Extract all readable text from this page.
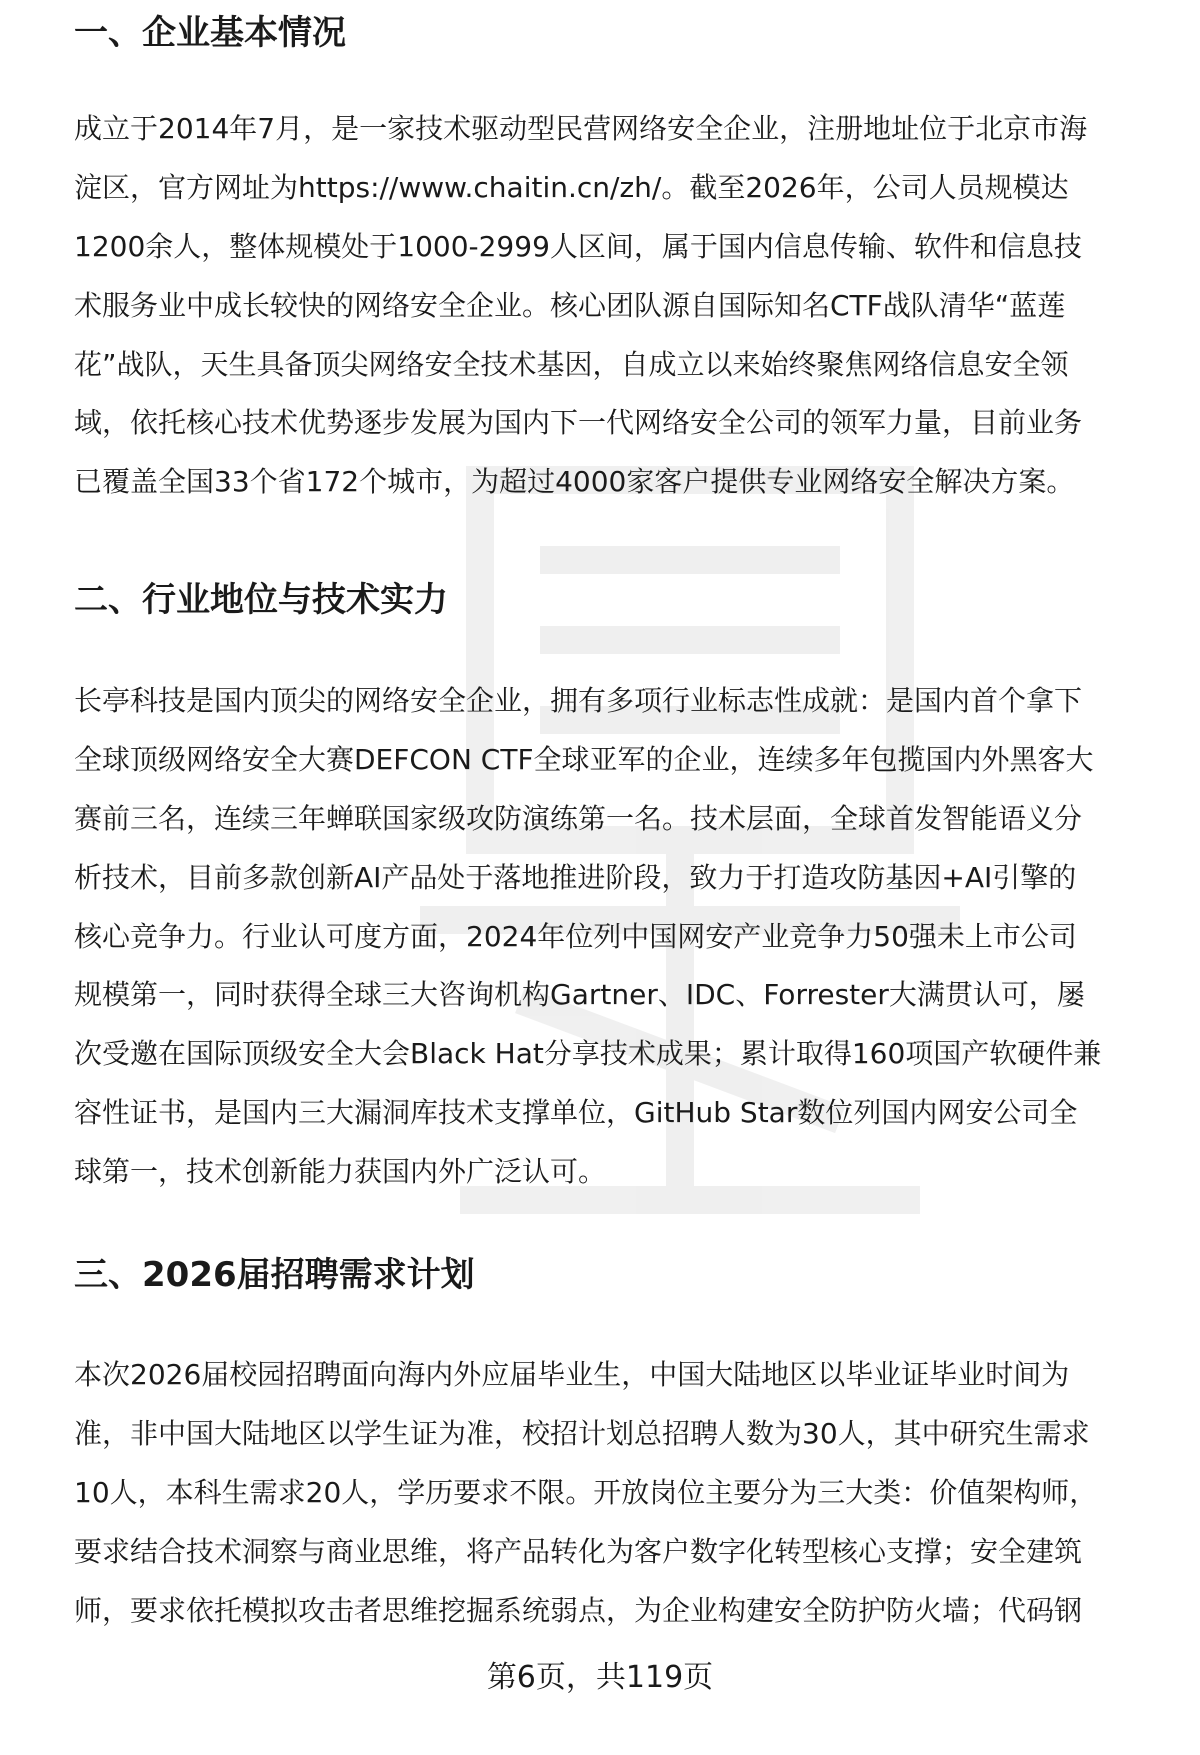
一、企业基本情况
成立于2014年7月，是一家技术驱动型民营网络安全企业，注册地址位于北京市海
淀区，官方网址为https://www.chaitin.cn/zh/。截至2026年，公司人员规模达
1200余人，整体规模处于1000-2999人区间，属于国内信息传输、软件和信息技
术服务业中成长较快的网络安全企业。核心团队源自国际知名CTF战队清华“蓝莲
花”战队，天生具备顶尖网络安全技术基因，自成立以来始终聚焦网络信息安全领
域，依托核心技术优势逐步发展为国内下一代网络安全公司的领军力量，目前业务
已覆盖全国33个省172个城市，为超过4000家客户提供专业网络安全解决方案。
二、行业地位与技术实力
长亭科技是国内顶尖的网络安全企业，拥有多项行业标志性成就：是国内首个拿下
全球顶级网络安全大赛DEFCON CTF全球亚军的企业，连续多年包揽国内外黑客大
赛前三名，连续三年蝉联国家级攻防演练第一名。技术层面，全球首发智能语义分
析技术，目前多款创新AI产品处于落地推进阶段，致力于打造攻防基因+AI引擎的
核心竞争力。行业认可度方面，2024年位列中国网安产业竞争力50强未上市公司
规模第一，同时获得全球三大咨询机构Gartner、IDC、Forrester大满贯认可，屡
次受邀在国际顶级安全大会Black Hat分享技术成果；累计取得160项国产软硬件兼
容性证书，是国内三大漏洞库技术支撑单位，GitHub Star数位列国内网安公司全
球第一，技术创新能力获国内外广泛认可。
三、2026届招聘需求计划
本次2026届校园招聘面向海内外应届毕业生，中国大陆地区以毕业证毕业时间为
准，非中国大陆地区以学生证为准，校招计划总招聘人数为30人，其中研究生需求
10人，本科生需求20人，学历要求不限。开放岗位主要分为三大类：价值架构师，
要求结合技术洞察与商业思维，将产品转化为客户数字化转型核心支撑；安全建筑
师，要求依托模拟攻击者思维挖掘系统弱点，为企业构建安全防护防火墙；代码钢
第6页，共119页
